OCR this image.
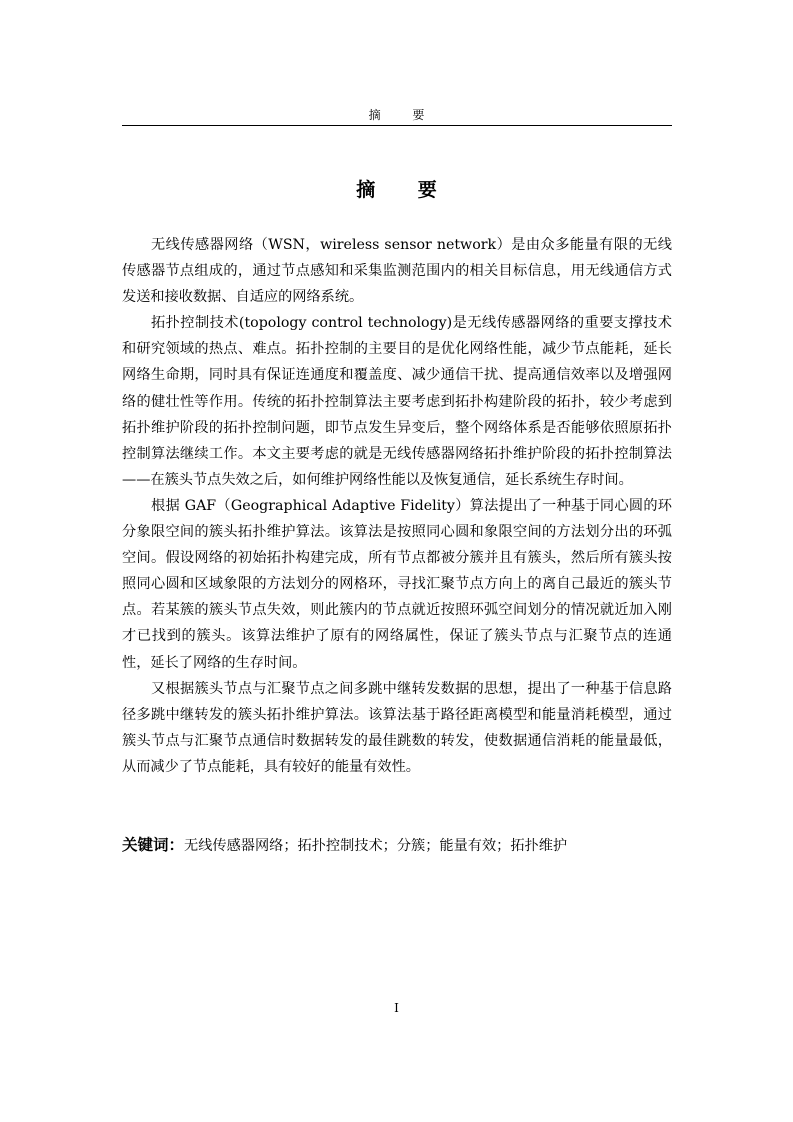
摘 要
摘 要

无线传感器网络（WSN，wireless sensor network）是由众多能量有限的无线传感器节点组成的，通过节点感知和采集监测范围内的相关目标信息，用无线通信方式发送和接收数据、自适应的网络系统。

拓扑控制技术(topology control technology)是无线传感器网络的重要支撑技术和研究领域的热点、难点。拓扑控制的主要目的是优化网络性能，减少节点能耗，延长网络生命期，同时具有保证连通度和覆盖度、减少通信干扰、提高通信效率以及增强网络的健壮性等作用。传统的拓扑控制算法主要考虑到拓扑构建阶段的拓扑，较少考虑到拓扑维护阶段的拓扑控制问题，即节点发生异变后，整个网络体系是否能够依照原拓扑控制算法继续工作。本文主要考虑的就是无线传感器网络拓扑维护阶段的拓扑控制算法——在簇头节点失效之后，如何维护网络性能以及恢复通信，延长系统生存时间。

根据 GAF（Geographical Adaptive Fidelity）算法提出了一种基于同心圆的环分象限空间的簇头拓扑维护算法。该算法是按照同心圆和象限空间的方法划分出的环弧空间。假设网络的初始拓扑构建完成，所有节点都被分簇并且有簇头，然后所有簇头按照同心圆和区域象限的方法划分的网格环，寻找汇聚节点方向上的离自己最近的簇头节点。若某簇的簇头节点失效，则此簇内的节点就近按照环弧空间划分的情况就近加入刚才已找到的簇头。该算法维护了原有的网络属性，保证了簇头节点与汇聚节点的连通性，延长了网络的生存时间。

又根据簇头节点与汇聚节点之间多跳中继转发数据的思想，提出了一种基于信息路径多跳中继转发的簇头拓扑维护算法。该算法基于路径距离模型和能量消耗模型，通过簇头节点与汇聚节点通信时数据转发的最佳跳数的转发，使数据通信消耗的能量最低，从而减少了节点能耗，具有较好的能量有效性。

关键词：无线传感器网络；拓扑控制技术；分簇；能量有效；拓扑维护
I
